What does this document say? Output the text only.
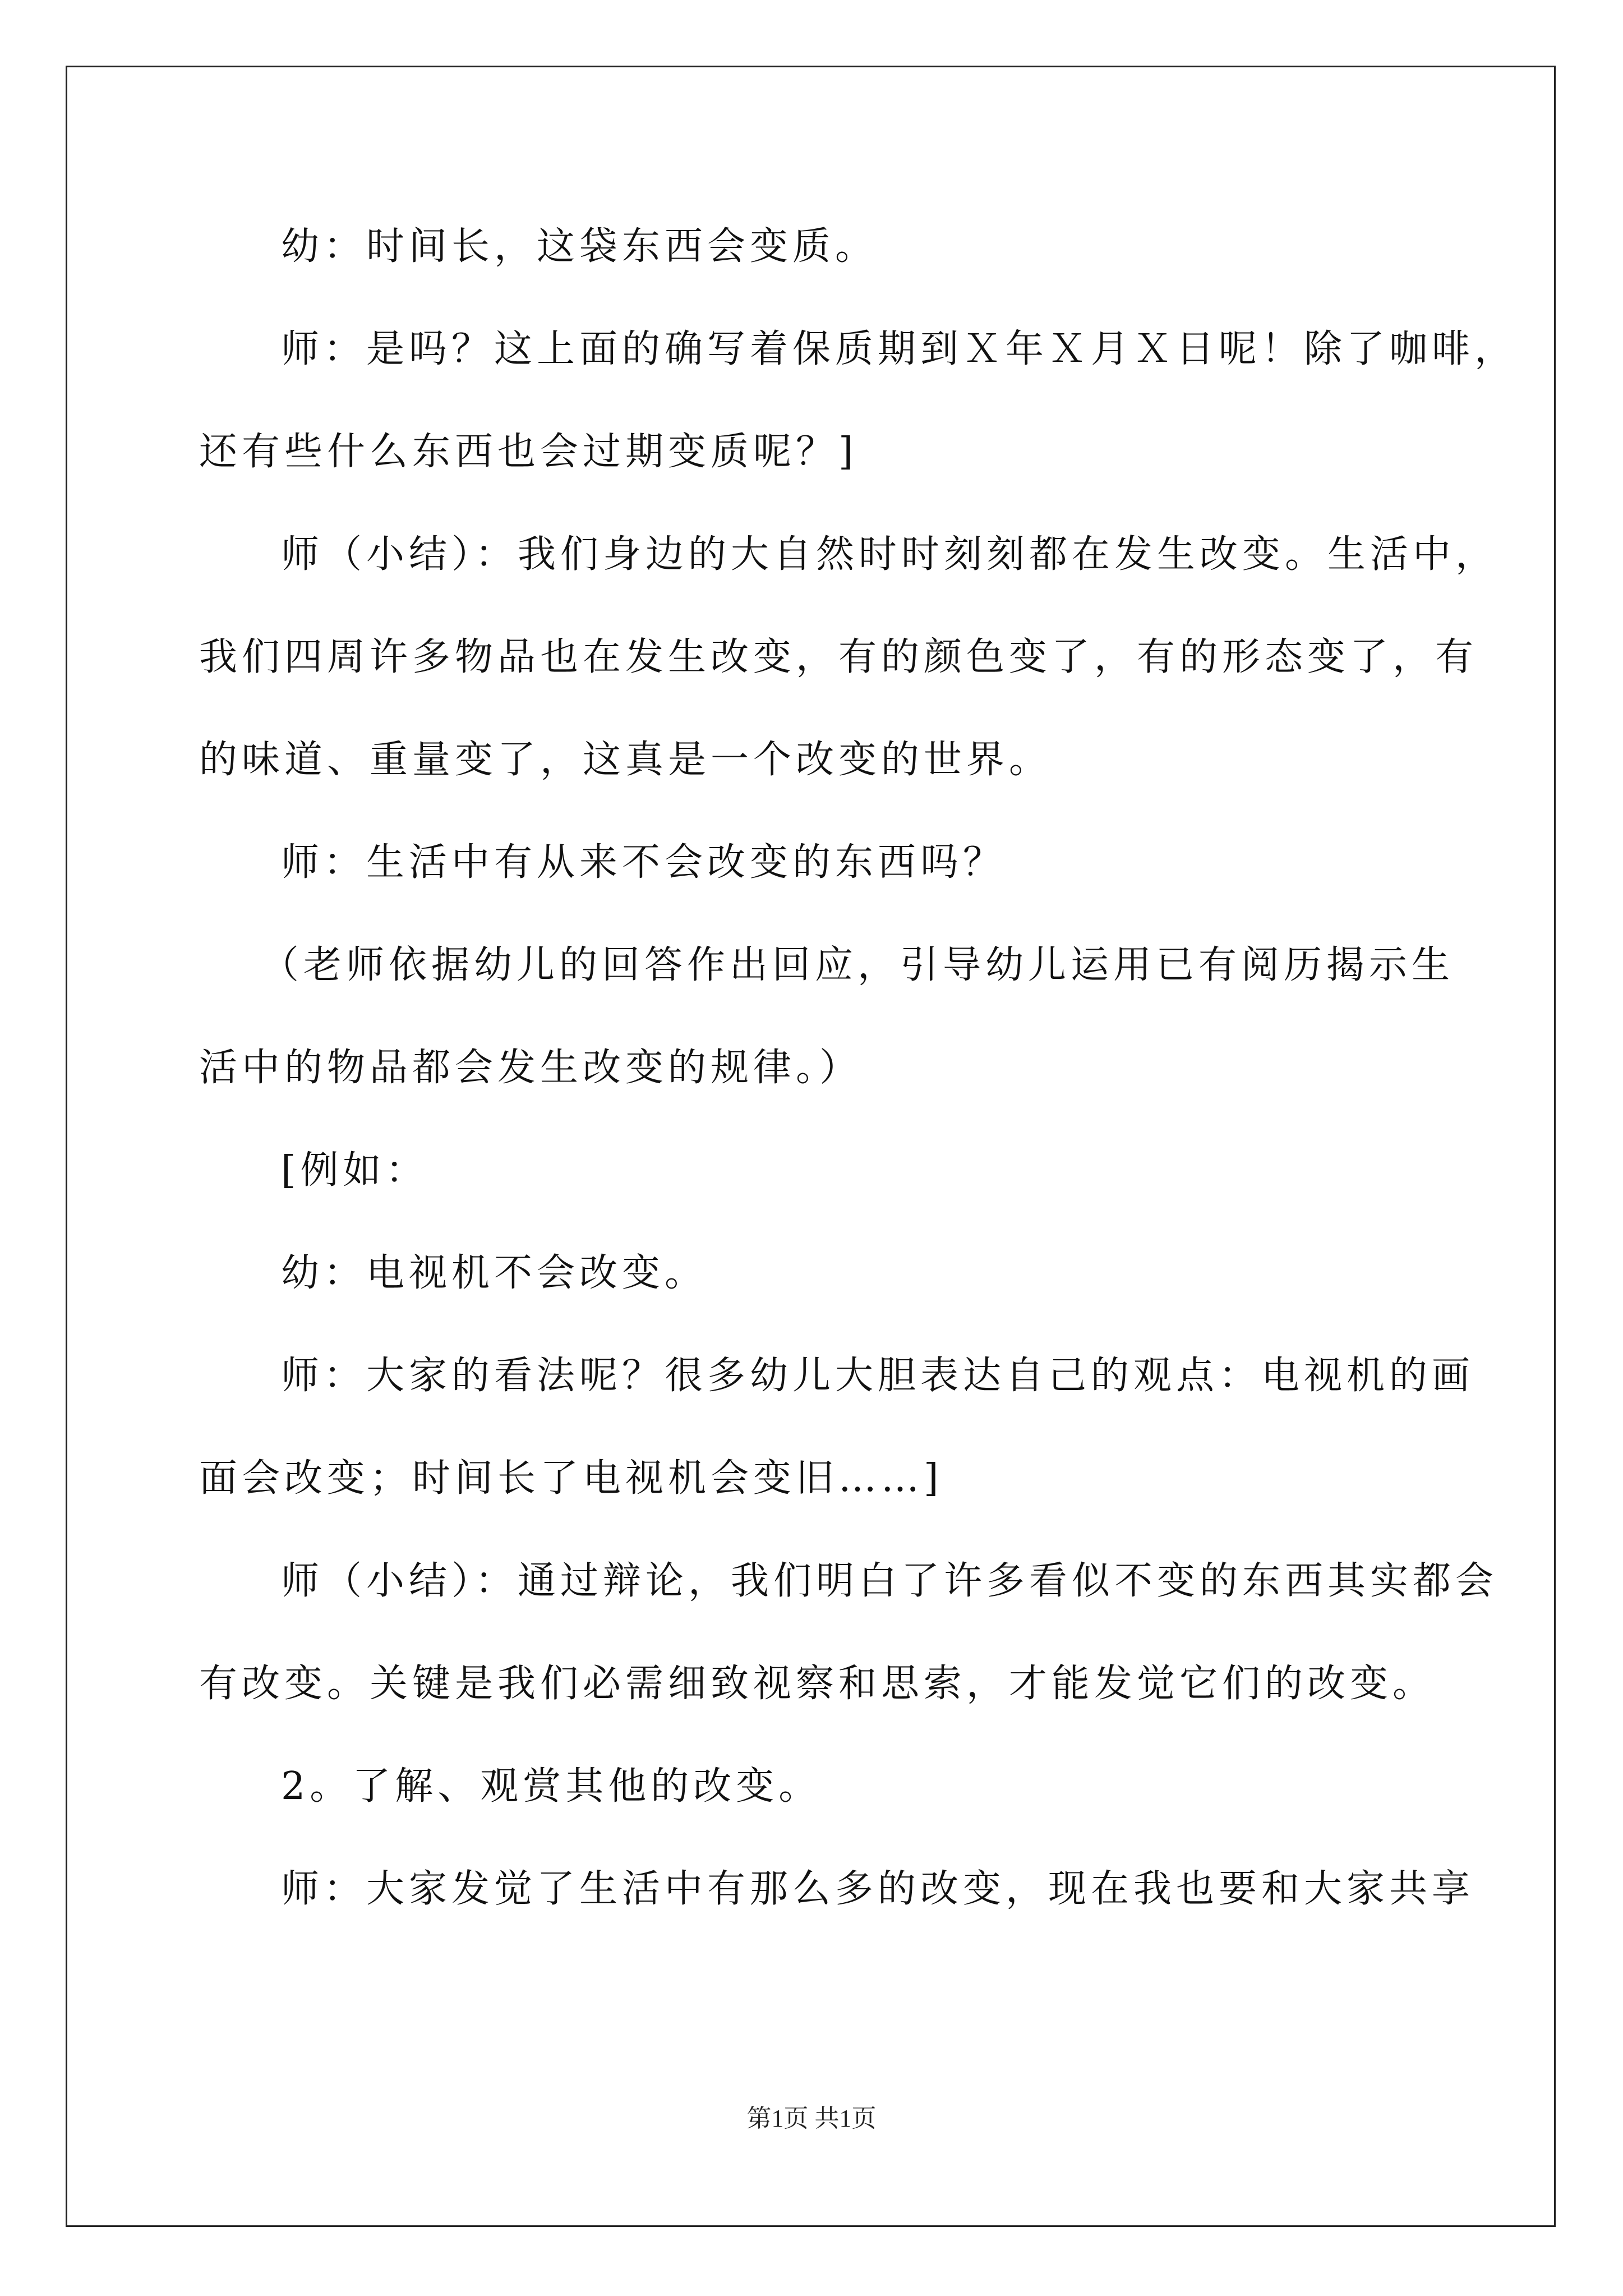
幼：时间长，这袋东西会变质。
师：是吗？这上面的确写着保质期到Ｘ年Ｘ月Ｘ日呢！除了咖啡，
还有些什么东西也会过期变质呢？]
师（小结）：我们身边的大自然时时刻刻都在发生改变。生活中，
我们四周许多物品也在发生改变，有的颜色变了，有的形态变了，有
的味道、重量变了，这真是一个改变的世界。
师：生活中有从来不会改变的东西吗？
（老师依据幼儿的回答作出回应，引导幼儿运用已有阅历揭示生
活中的物品都会发生改变的规律。）
[例如：
幼：电视机不会改变。
师：大家的看法呢？很多幼儿大胆表达自己的观点：电视机的画
面会改变；时间长了电视机会变旧……]
师（小结）：通过辩论，我们明白了许多看似不变的东西其实都会
有改变。关键是我们必需细致视察和思索，才能发觉它们的改变。
2。了解、观赏其他的改变。
师：大家发觉了生活中有那么多的改变，现在我也要和大家共享
第1页 共1页
